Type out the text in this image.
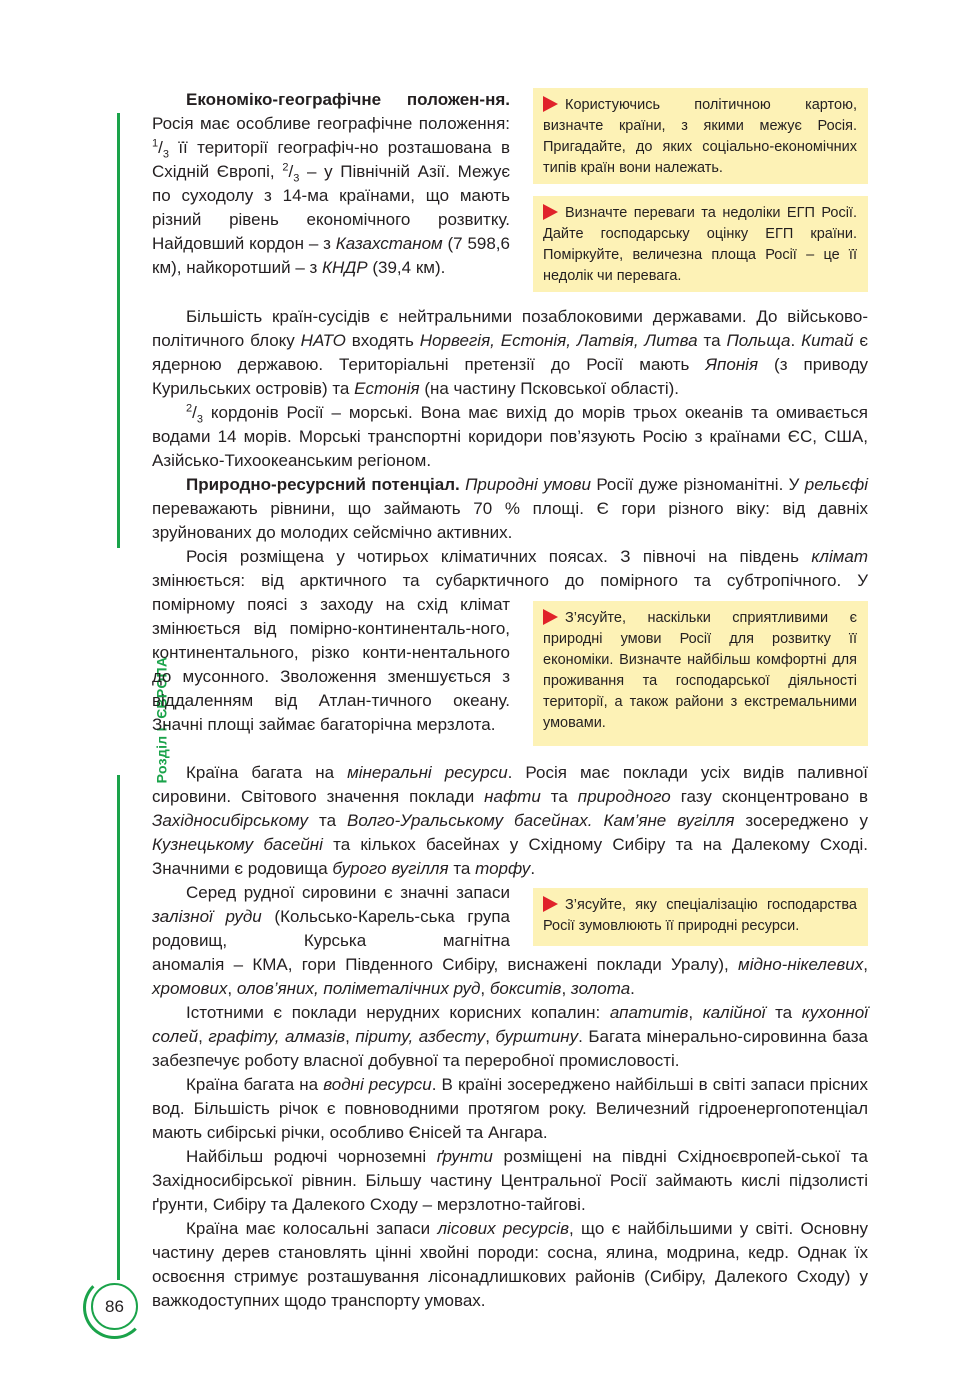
Розділ І. ЄВРОПА
Користуючись політичною картою, визначте країни, з якими межує Росія. Пригадайте, до яких соціально-економічних типів країн вони належать.
Визначте переваги та недоліки ЕГП Росії. Дайте господарську оцінку ЕГП країни. Поміркуйте, величезна площа Росії – це її недолік чи перевага.
З’ясуйте, наскільки сприятливими є природні умови Росії для розвитку її економіки. Визначте найбільш комфортні для проживання та господарської діяльності території, а також райони з екстремальними умовами.
З’ясуйте, яку спеціалізацію господарства Росії зумовлюють її природні ресурси.

Економіко-географічне положен-ня. Росія має особливе географічне положення: $^1/_3$ її території географіч-но розташована в Східній Європі, $^2/_3$ – у Північній Азії. Межує по суходолу з 14-ма країнами, що мають різний рівень економічного розвитку. Найдовший кордон – з Казахстаном (7 598,6 км), найкоротший – з КНДР (39,4 км).

Більшість країн-сусідів є нейтральними позаблоковими державами. До військово-політичного блоку НАТО входять Норвегія, Естонія, Латвія, Литва та Польща. Китай є ядерною державою. Територіальні претензії до Росії мають Японія (з приводу Курильських островів) та Естонія (на частину Псковської області).

$^2/_3$ кордонів Росії – морські. Вона має вихід до морів трьох океанів та омивається водами 14 морів. Морські транспортні коридори пов’язують Росію з країнами ЄС, США, Азійсько-Тихоокеанським регіоном.

Природно-ресурсний потенціал. Природні умови Росії дуже різноманітні. У рельєфі переважають рівнини, що займають 70 % площі. Є гори різного віку: від давніх зруйнованих до молодих сейсмічно активних.

Росія розміщена у чотирьох кліматичних поясах. З півночі на південь клімат змінюється: від арктичного та субарктичного до помірного та субтропічного. У

помірному поясі з заходу на схід клімат змінюється від помірно-континенталь-ного, континентального, різко конти-нентального до мусонного. Зволоження зменшується з віддаленням від Атлан-тичного океану. Значні площі займає багаторічна мерзлота.

Країна багата на мінеральні ресурси. Росія має поклади усіх видів паливної сировини. Світового значення поклади нафти та природного газу сконцентровано в Західносибірському та Волго-Уральському басейнах. Кам’яне вугілля зосереджено у Кузнецькому басейні та кількох басейнах у Східному Сибіру та на Далекому Сході. Значними є родовища бурого вугілля та торфу.

Серед рудної сировини є значні запаси залізної руди (Кольсько-Карель-ська група родовищ, Курська магнітна

аномалія – КМА, гори Південного Сибіру, виснажені поклади Уралу), мідно-нікелевих, хромових, олов’яних, поліметалічних руд, бокситів, золота.

Істотними є поклади нерудних корисних копалин: апатитів, калійної та кухонної солей, графіту, алмазів, піриту, азбесту, бурштину. Багата мінерально-сировинна база забезпечує роботу власної добувної та переробної промисловості.

Країна багата на водні ресурси. В країні зосереджено найбільші в світі запаси прісних вод. Більшість річок є повноводними протягом року. Величезний гідроенергопотенціал мають сибірські річки, особливо Єнісей та Ангара.

Найбільш родючі чорноземні ґрунти розміщені на півдні Східноєвропей-ської та Західносибірської рівнин. Більшу частину Центральної Росії займають кислі підзолисті ґрунти, Сибіру та Далекого Сходу – мерзлотно-тайгові.

Країна має колосальні запаси лісових ресурсів, що є найбільшими у світі. Основну частину дерев становлять цінні хвойні породи: сосна, ялина, модрина, кедр. Однак їх освоєння стримує розташування лісонадлишкових районів (Сибіру, Далекого Сходу) у важкодоступних щодо транспорту умовах.

86
